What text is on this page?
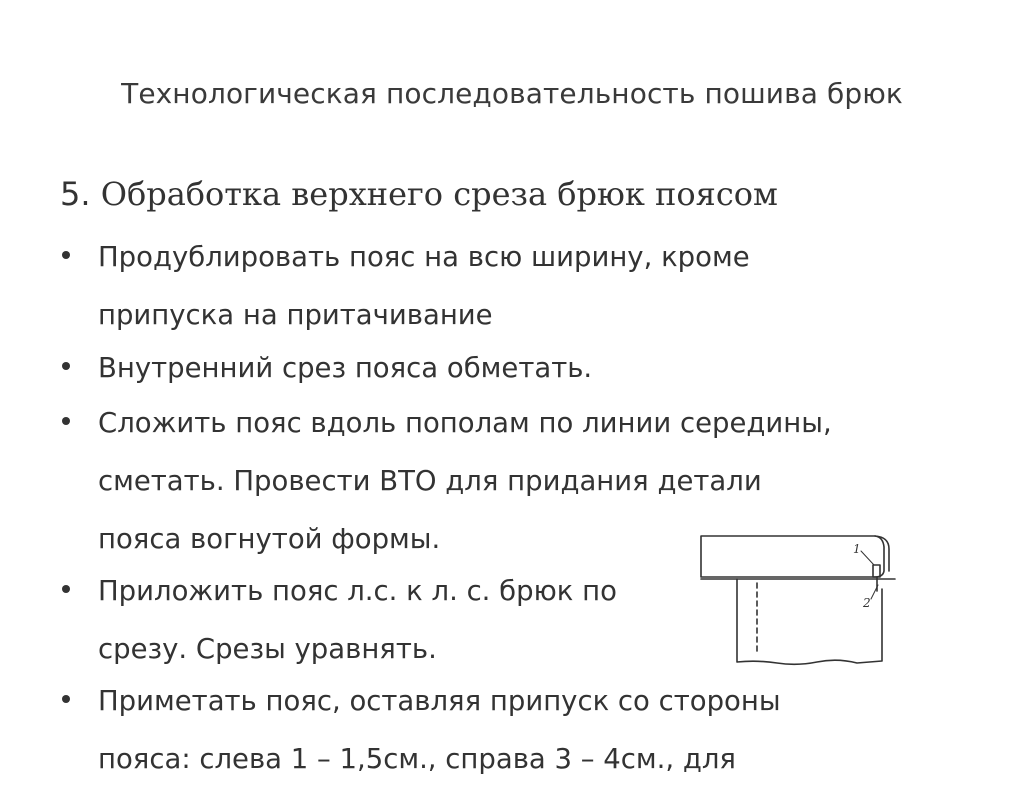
Технологическая последовательность пошива брюк
5. Обработка верхнего среза брюк поясом
Продублировать пояс на всю ширину, кроме
припуска на притачивание
Внутренний срез пояса обметать.
Сложить пояс вдоль пополам по линии середины,
сметать. Провести ВТО для придания детали
пояса вогнутой формы.
Приложить пояс л.с. к л. с. брюк по
срезу. Срезы уравнять.
Приметать пояс, оставляя припуск со стороны
пояса: слева 1 – 1,5см., справа 3 – 4см., для
1
2
